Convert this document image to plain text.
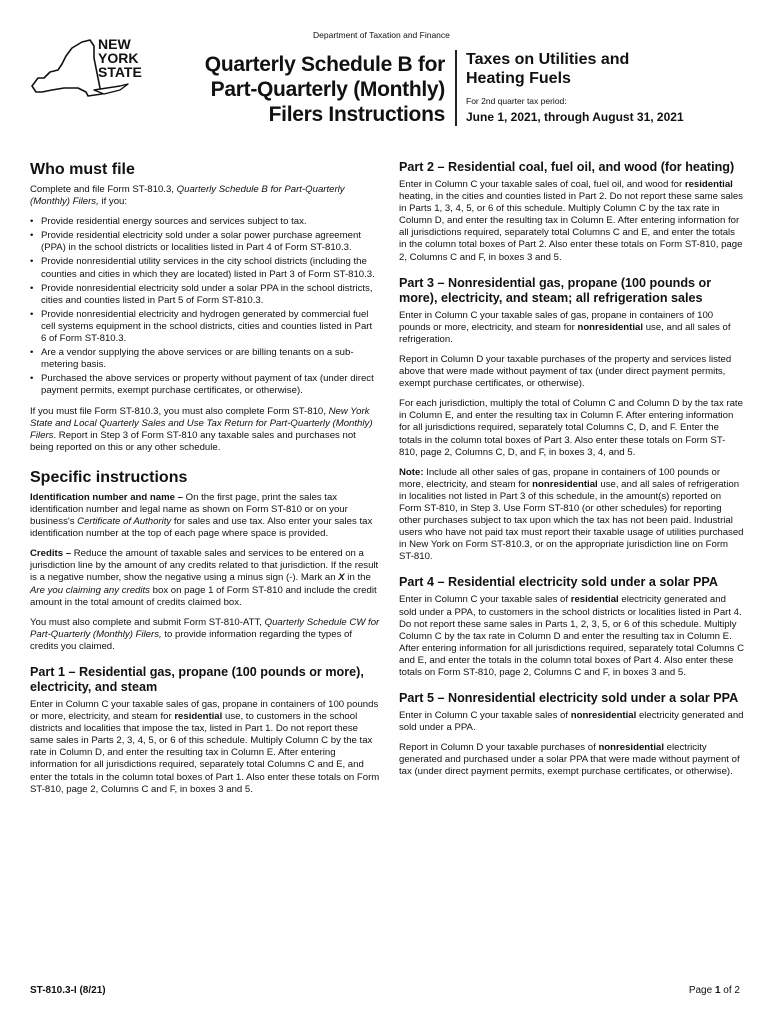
Department of Taxation and Finance
NEW
YORK
STATE	Quarterly Schedule B for
Part-Quarterly (Monthly)
Filers Instructions
Taxes on Utilities and
Heating Fuels
For 2nd quarter tax period:
June 1, 2021, through August 31, 2021
Who must file

Complete and file Form ST-810.3, Quarterly Schedule B for Part-Quarterly (Monthly) Filers, if you:

• Provide residential energy sources and services subject to tax.
• Provide residential electricity sold under a solar power purchase agreement (PPA) in the school districts or localities listed in Part 4 of Form ST-810.3.
• Provide nonresidential utility services in the city school districts (including the counties and cities in which they are located) listed in Part 3 of Form ST-810.3.
• Provide nonresidential electricity sold under a solar PPA in the school districts, cities and counties listed in Part 5 of Form ST-810.3.
• Provide nonresidential electricity and hydrogen generated by commercial fuel cell systems equipment in the school districts, cities and counties listed in Part 6 of Form ST-810.3.
• Are a vendor supplying the above services or are billing tenants on a sub-metering basis.
• Purchased the above services or property without payment of tax (under direct payment permits, exempt purchase certificates, or otherwise).

If you must file Form ST-810.3, you must also complete Form ST-810, New York State and Local Quarterly Sales and Use Tax Return for Part-Quarterly (Monthly) Filers. Report in Step 3 of Form ST-810 any taxable sales and purchases not being reported on this or any other schedule.

Specific instructions

Identification number and name – On the first page, print the sales tax identification number and legal name as shown on Form ST-810 or on your business's Certificate of Authority for sales and use tax. Also enter your sales tax identification number at the top of each page where space is provided.

Credits – Reduce the amount of taxable sales and services to be entered on a jurisdiction line by the amount of any credits related to that jurisdiction. If the result is a negative number, show the negative using a minus sign (-). Mark an X in the Are you claiming any credits box on page 1 of Form ST-810 and include the credit amount in the total amount of credits claimed box.

You must also complete and submit Form ST-810-ATT, Quarterly Schedule CW for Part-Quarterly (Monthly) Filers, to provide information regarding the types of credits you claimed.

Part 1 – Residential gas, propane (100 pounds or more), electricity, and steam

Enter in Column C your taxable sales of gas, propane in containers of 100 pounds or more, electricity, and steam for residential use, to customers in the school districts and localities that impose the tax, listed in Part 1. Do not report these same sales in Parts 2, 3, 4, 5, or 6 of this schedule. Multiply Column C by the tax rate in Column D, and enter the resulting tax in Column E. After entering information for all jurisdictions required, separately total Columns C and E, and enter the totals in the column total boxes of Part 1. Also enter these totals on Form ST-810, page 2, Columns C and F, in boxes 3 and 5.

Part 2 – Residential coal, fuel oil, and wood (for heating)

Enter in Column C your taxable sales of coal, fuel oil, and wood for residential heating, in the cities and counties listed in Part 2. Do not report these same sales in Parts 1, 3, 4, 5, or 6 of this schedule. Multiply Column C by the tax rate in Column D, and enter the resulting tax in Column E. After entering information for all jurisdictions required, separately total Columns C and E, and enter the totals in the column total boxes of Part 2. Also enter these totals on Form ST-810, page 2, Columns C and F, in boxes 3 and 5.

Part 3 – Nonresidential gas, propane (100 pounds or more), electricity, and steam; all refrigeration sales

Enter in Column C your taxable sales of gas, propane in containers of 100 pounds or more, electricity, and steam for nonresidential use, and all sales of refrigeration.

Report in Column D your taxable purchases of the property and services listed above that were made without payment of tax (under direct payment permits, exempt purchase certificates, or otherwise).

For each jurisdiction, multiply the total of Column C and Column D by the tax rate in Column E, and enter the resulting tax in Column F. After entering information for all jurisdictions required, separately total Columns C, D, and F. Enter the totals in the column total boxes of Part 3. Also enter these totals on Form ST-810, page 2, Columns C, D, and F, in boxes 3, 4, and 5.

Note: Include all other sales of gas, propane in containers of 100 pounds or more, electricity, and steam for nonresidential use, and all sales of refrigeration in localities not listed in Part 3 of this schedule, in the amount(s) reported on Form ST-810, in Step 3. Use Form ST-810 (or other schedules) for reporting other purchases subject to tax upon which the tax has not been paid. Industrial users who have not paid tax must report their taxable usage of utilities purchased in New York on Form ST-810.3, or on the appropriate jurisdiction line on Form ST-810.

Part 4 – Residential electricity sold under a solar PPA

Enter in Column C your taxable sales of residential electricity generated and sold under a PPA, to customers in the school districts or localities listed in Part 4. Do not report these same sales in Parts 1, 2, 3, 5, or 6 of this schedule. Multiply Column C by the tax rate in Column D and enter the resulting tax in Column E. After entering information for all jurisdictions required, separately total Columns C and E, and enter the totals in the column total boxes of Part 4. Also enter these totals on Form ST-810, page 2, Columns C and F, in boxes 3 and 5.

Part 5 – Nonresidential electricity sold under a solar PPA

Enter in Column C your taxable sales of nonresidential electricity generated and sold under a PPA.

Report in Column D your taxable purchases of nonresidential electricity generated and purchased under a solar PPA that were made without payment of tax (under direct payment permits, exempt purchase certificates, or otherwise).

ST-810.3-I (8/21)	Page 1 of 2
